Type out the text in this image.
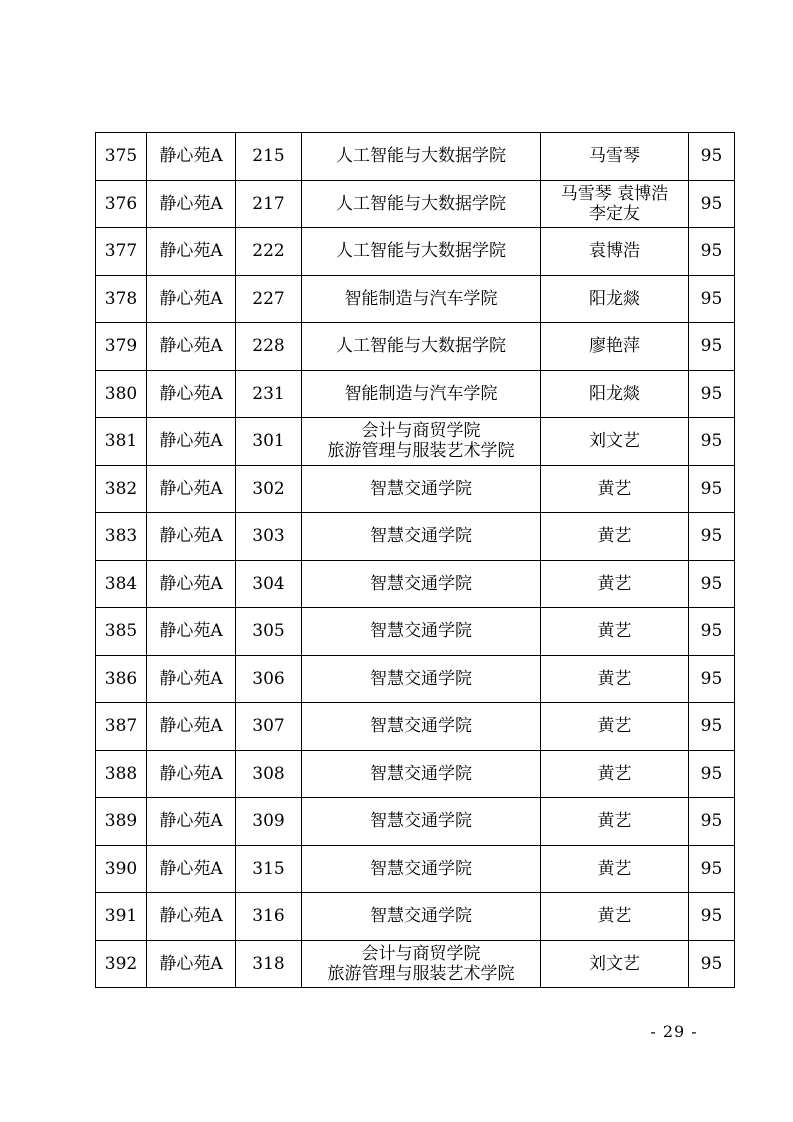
375	静心苑A	215	人工智能与大数据学院	马雪琴	95
376	静心苑A	217	人工智能与大数据学院	马雪琴 袁博浩
李定友	95
377	静心苑A	222	人工智能与大数据学院	袁博浩	95
378	静心苑A	227	智能制造与汽车学院	阳龙燚	95
379	静心苑A	228	人工智能与大数据学院	廖艳萍	95
380	静心苑A	231	智能制造与汽车学院	阳龙燚	95
381	静心苑A	301	会计与商贸学院
旅游管理与服装艺术学院	刘文艺	95
382	静心苑A	302	智慧交通学院	黄艺	95
383	静心苑A	303	智慧交通学院	黄艺	95
384	静心苑A	304	智慧交通学院	黄艺	95
385	静心苑A	305	智慧交通学院	黄艺	95
386	静心苑A	306	智慧交通学院	黄艺	95
387	静心苑A	307	智慧交通学院	黄艺	95
388	静心苑A	308	智慧交通学院	黄艺	95
389	静心苑A	309	智慧交通学院	黄艺	95
390	静心苑A	315	智慧交通学院	黄艺	95
391	静心苑A	316	智慧交通学院	黄艺	95
392	静心苑A	318	会计与商贸学院
旅游管理与服装艺术学院	刘文艺	95
- 29 -
